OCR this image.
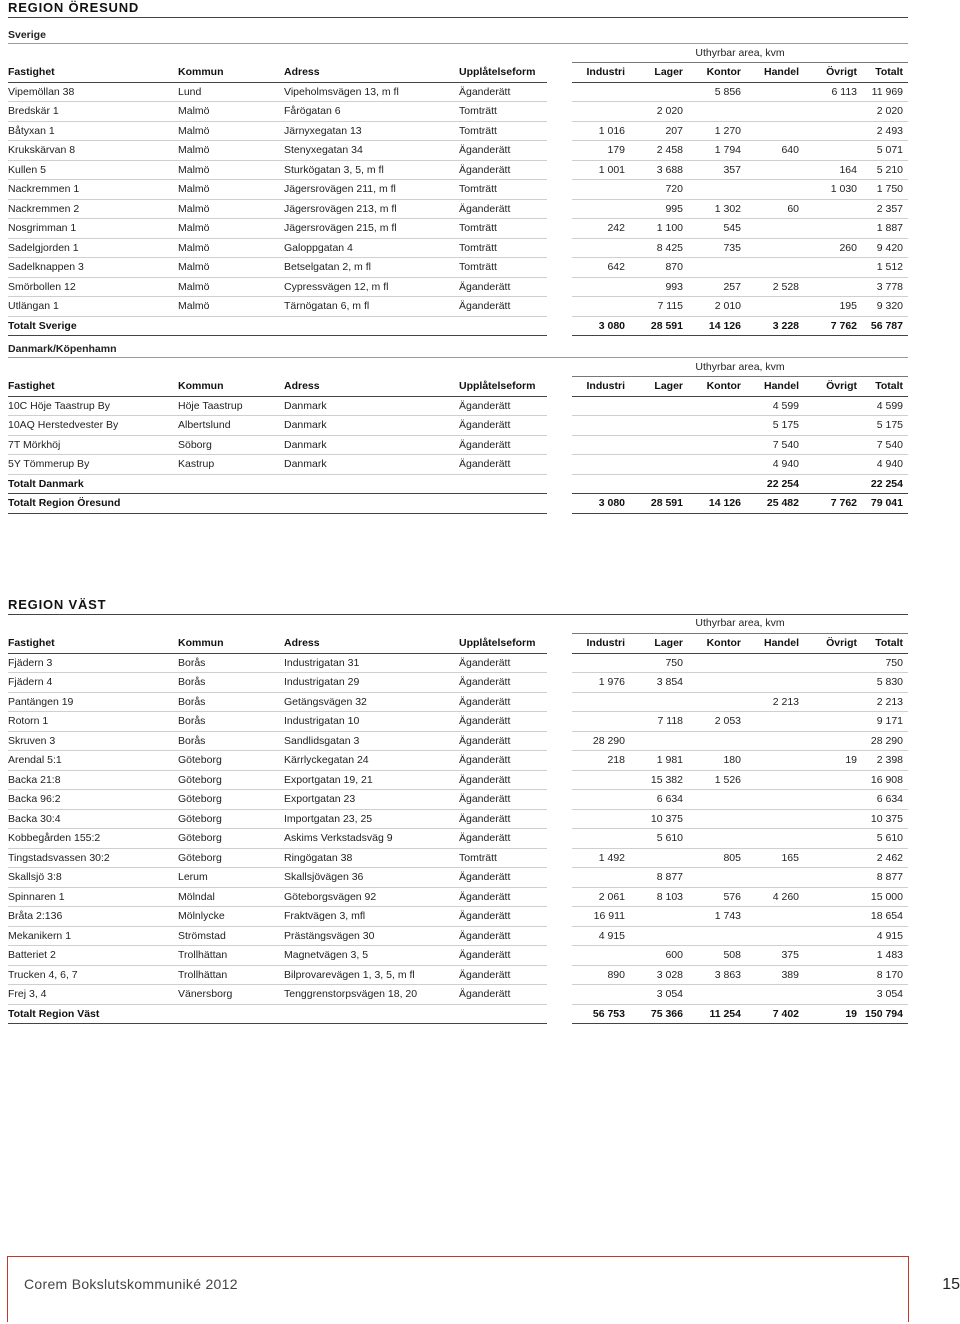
REGION ÖRESUND
Sverige
Uthyrbar area, kvm
Fastighet	Kommun	Adress	Upplåtelseform		Industri	Lager	Kontor	Handel	Övrigt	Totalt
Vipemöllan 38	Lund	Vipeholmsvägen 13, m fl	Äganderätt				5 856		6 113	11 969
Bredskär 1	Malmö	Fårögatan 6	Tomträtt			2 020				2 020
Båtyxan 1	Malmö	Järnyxegatan 13	Tomträtt		1 016	207	1 270			2 493
Krukskärvan 8	Malmö	Stenyxegatan 34	Äganderätt		179	2 458	1 794	640		5 071
Kullen 5	Malmö	Sturkögatan 3, 5, m fl	Äganderätt		1 001	3 688	357		164	5 210
Nackremmen 1	Malmö	Jägersrovägen 211, m fl	Tomträtt			720			1 030	1 750
Nackremmen 2	Malmö	Jägersrovägen 213, m fl	Äganderätt			995	1 302	60		2 357
Nosgrimman 1	Malmö	Jägersrovägen 215, m fl	Tomträtt		242	1 100	545			1 887
Sadelgjorden 1	Malmö	Galoppgatan 4	Tomträtt			8 425	735		260	9 420
Sadelknappen 3	Malmö	Betselgatan 2, m fl	Tomträtt		642	870				1 512
Smörbollen 12	Malmö	Cypressvägen 12, m fl	Äganderätt			993	257	2 528		3 778
Utlängan 1	Malmö	Tärnögatan 6, m fl	Äganderätt			7 115	2 010		195	9 320
Totalt Sverige					3 080	28 591	14 126	3 228	7 762	56 787
Danmark/Köpenhamn
Uthyrbar area, kvm
Fastighet	Kommun	Adress	Upplåtelseform		Industri	Lager	Kontor	Handel	Övrigt	Totalt
10C Höje Taastrup By	Höje Taastrup	Danmark	Äganderätt					4 599		4 599
10AQ Herstedvester By	Albertslund	Danmark	Äganderätt					5 175		5 175
7T Mörkhöj	Söborg	Danmark	Äganderätt					7 540		7 540
5Y Tömmerup By	Kastrup	Danmark	Äganderätt					4 940		4 940
Totalt Danmark								22 254		22 254
Totalt Region Öresund					3 080	28 591	14 126	25 482	7 762	79 041
REGION VÄST
Uthyrbar area, kvm
Fastighet	Kommun	Adress	Upplåtelseform		Industri	Lager	Kontor	Handel	Övrigt	Totalt
Fjädern 3	Borås	Industrigatan 31	Äganderätt			750				750
Fjädern 4	Borås	Industrigatan 29	Äganderätt		1 976	3 854				5 830
Pantängen 19	Borås	Getängsvägen 32	Äganderätt					2 213		2 213
Rotorn 1	Borås	Industrigatan 10	Äganderätt			7 118	2 053			9 171
Skruven 3	Borås	Sandlidsgatan 3	Äganderätt		28 290					28 290
Arendal 5:1	Göteborg	Kärrlyckegatan 24	Äganderätt		218	1 981	180		19	2 398
Backa 21:8	Göteborg	Exportgatan 19, 21	Äganderätt			15 382	1 526			16 908
Backa 96:2	Göteborg	Exportgatan 23	Äganderätt			6 634				6 634
Backa 30:4	Göteborg	Importgatan 23, 25	Äganderätt			10 375				10 375
Kobbegården 155:2	Göteborg	Askims Verkstadsväg 9	Äganderätt			5 610				5 610
Tingstadsvassen 30:2	Göteborg	Ringögatan 38	Tomträtt		1 492		805	165		2 462
Skallsjö 3:8	Lerum	Skallsjövägen 36	Äganderätt			8 877				8 877
Spinnaren 1	Mölndal	Göteborgsvägen 92	Äganderätt		2 061	8 103	576	4 260		15 000
Bråta 2:136	Mölnlycke	Fraktvägen 3, mfl	Äganderätt		16 911		1 743			18 654
Mekanikern 1	Strömstad	Prästängsvägen 30	Äganderätt		4 915					4 915
Batteriet 2	Trollhättan	Magnetvägen 3, 5	Äganderätt			600	508	375		1 483
Trucken 4, 6, 7	Trollhättan	Bilprovarevägen 1, 3, 5, m fl	Äganderätt		890	3 028	3 863	389		8 170
Frej 3, 4	Vänersborg	Tenggrenstorpsvägen 18, 20	Äganderätt			3 054				3 054
Totalt Region Väst					56 753	75 366	11 254	7 402	19	150 794
Corem Bokslutskommuniké 2012	15
